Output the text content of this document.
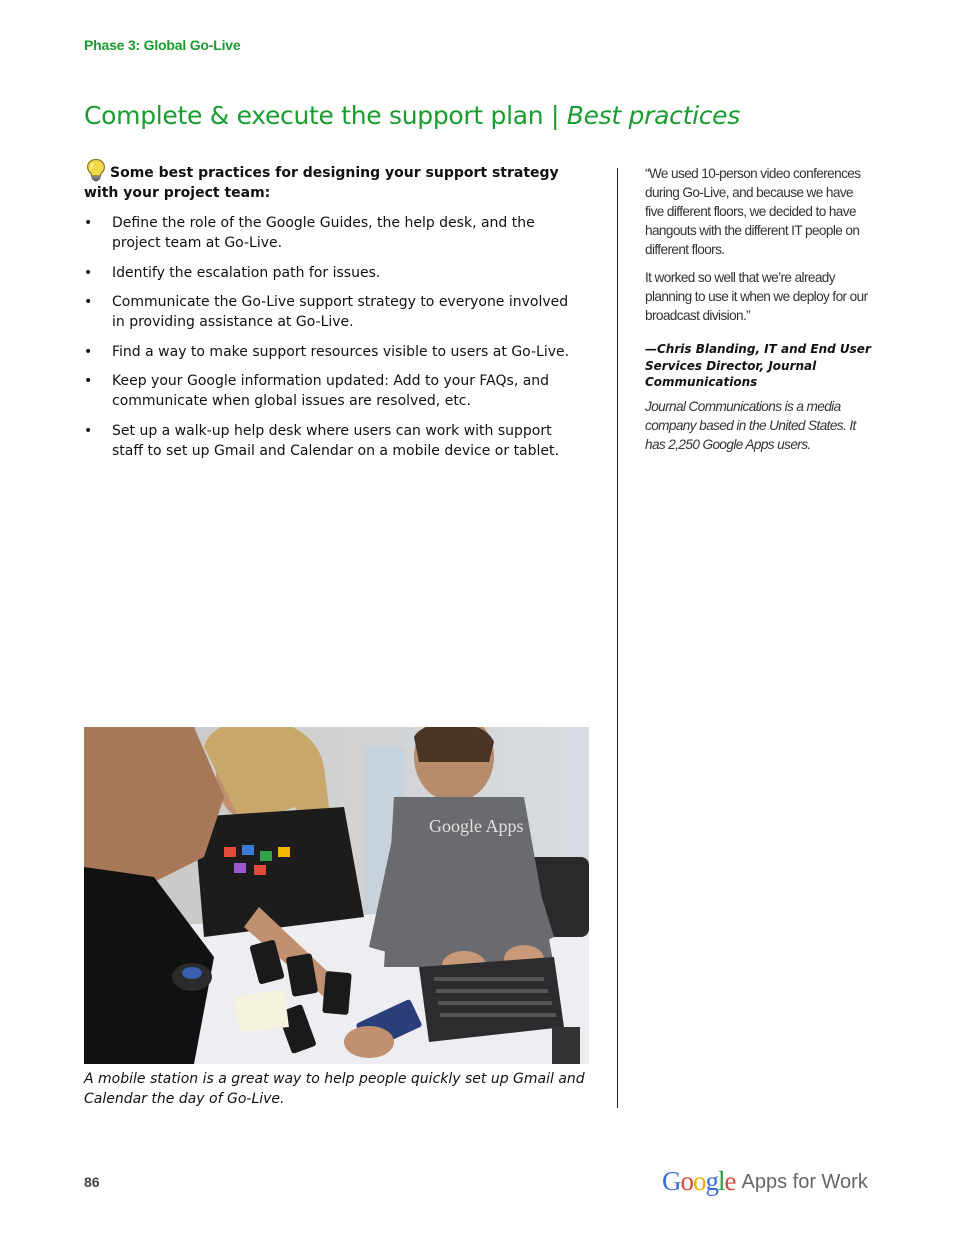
Phase 3: Global Go-Live
Complete & execute the support plan | Best practices

Some best practices for designing your support strategy with your project team:

• Define the role of the Google Guides, the help desk, and the project team at Go-Live.
• Identify the escalation path for issues.
• Communicate the Go-Live support strategy to everyone involved in providing assistance at Go-Live.
• Find a way to make support resources visible to users at Go-Live.
• Keep your Google information updated: Add to your FAQs, and communicate when global issues are resolved, etc.
• Set up a walk-up help desk where users can work with support staff to set up Gmail and Calendar on a mobile device or tablet.
Google Apps
A mobile station is a great way to help people quickly set up Gmail and Calendar the day of Go-Live.

“We used 10-person video conferences during Go-Live, and because we have five different floors, we decided to have hangouts with the different IT people on different floors.

It worked so well that we’re already planning to use it when we deploy for our broadcast division.”

—Chris Blanding, IT and End User Services Director, Journal Communications

Journal Communications is a media company based in the United States. It has 2,250 Google Apps users.

86	Google Apps for Work
